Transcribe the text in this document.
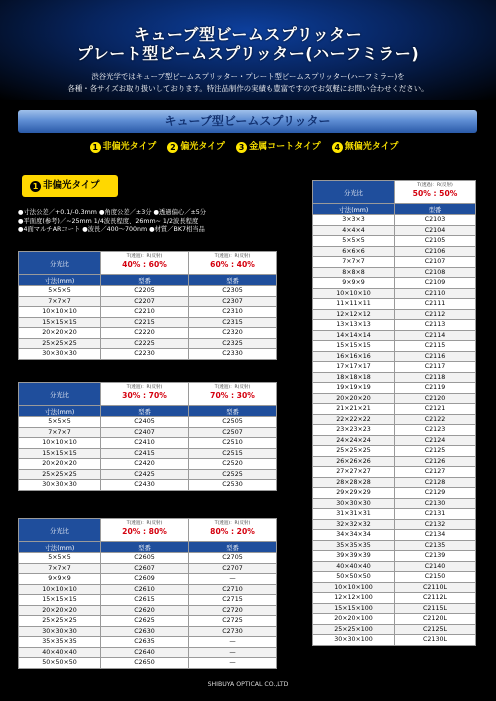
キューブ型ビームスプリッター
プレート型ビームスプリッター(ハーフミラー)
渋谷光学ではキューブ型ビームスプリッター・プレート型ビームスプリッター(ハーフミラー)を
各種・各サイズお取り扱いしております。特注品制作の実績も豊富ですのでお気軽にお問い合わせください。
キューブ型ビームスプリッター
1 非偏光タイプ 2 偏光タイプ 3 金属コートタイプ 4 無偏光タイプ
1 非偏光タイプ
●寸法公差／+0.1/-0.3mm ●角度公差／±3分 ●透過偏心／±5分
●平面度(参考)／~25mm 1/4波長程度、26mm~ 1/2波長程度
●4面マルチARコート ●波長／400～700nm ●材質／BK7相当品
分光比	T(透過)：R(反射)
40% : 60%	T(透過)：R(反射)
60% : 40%

寸法(mm)	型番	型番
5×5×5	C2205	C2305
7×7×7	C2207	C2307
10×10×10	C2210	C2310
15×15×15	C2215	C2315
20×20×20	C2220	C2320
25×25×25	C2225	C2325
30×30×30	C2230	C2330
分光比	T(透過)：R(反射)
30% : 70%	T(透過)：R(反射)
70% : 30%

寸法(mm)	型番	型番
5×5×5	C2405	C2505
7×7×7	C2407	C2507
10×10×10	C2410	C2510
15×15×15	C2415	C2515
20×20×20	C2420	C2520
25×25×25	C2425	C2525
30×30×30	C2430	C2530
分光比	T(透過)：R(反射)
20% : 80%	T(透過)：R(反射)
80% : 20%

寸法(mm)	型番	型番
5×5×5	C2605	C2705
7×7×7	C2607	C2707
9×9×9	C2609	—
10×10×10	C2610	C2710
15×15×15	C2615	C2715
20×20×20	C2620	C2720
25×25×25	C2625	C2725
30×30×30	C2630	C2730
35×35×35	C2635	—
40×40×40	C2640	—
50×50×50	C2650	—
分光比	T(透過)：R(反射)
50% : 50%

寸法(mm)	型番
3×3×3	C2103
4×4×4	C2104
5×5×5	C2105
6×6×6	C2106
7×7×7	C2107
8×8×8	C2108
9×9×9	C2109
10×10×10	C2110
11×11×11	C2111
12×12×12	C2112
13×13×13	C2113
14×14×14	C2114
15×15×15	C2115
16×16×16	C2116
17×17×17	C2117
18×18×18	C2118
19×19×19	C2119
20×20×20	C2120
21×21×21	C2121
22×22×22	C2122
23×23×23	C2123
24×24×24	C2124
25×25×25	C2125
26×26×26	C2126
27×27×27	C2127
28×28×28	C2128
29×29×29	C2129
30×30×30	C2130
31×31×31	C2131
32×32×32	C2132
34×34×34	C2134
35×35×35	C2135
39×39×39	C2139
40×40×40	C2140
50×50×50	C2150
10×10×100	C2110L
12×12×100	C2112L
15×15×100	C2115L
20×20×100	C2120L
25×25×100	C2125L
30×30×100	C2130L
SHIBUYA OPTICAL CO.,LTD
